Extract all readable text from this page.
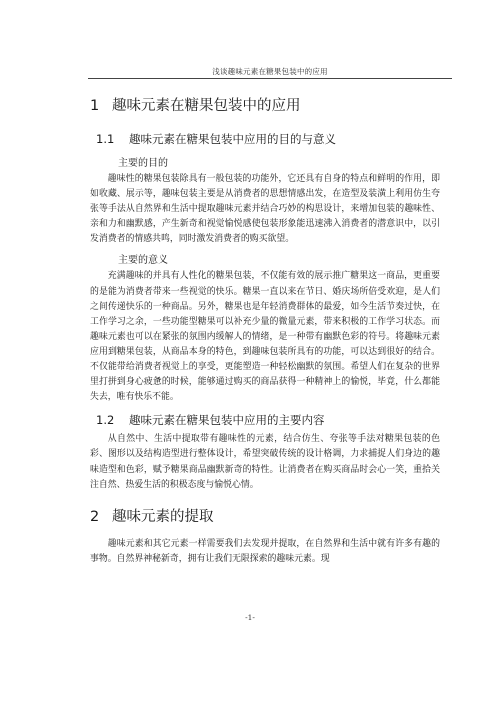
浅谈趣味元素在糖果包装中的应用
1 趣味元素在糖果包装中的应用
1.1 趣味元素在糖果包装中应用的目的与意义
主要的目的

趣味性的糖果包装除具有一般包装的功能外，它还具有自身的特点和鲜明的作用，即如收藏、展示等，趣味包装主要是从消费者的思想情感出发，在造型及装潢上利用仿生夸张等手法从自然界和生活中提取趣味元素并结合巧妙的构思设计，来增加包装的趣味性、亲和力和幽默感，产生新奇和视觉愉悦感使包装形象能迅速沸入消费者的潜意识中，以引发消费者的情感共鸣，同时激发消费者的购买欲望。

主要的意义

充满趣味的并具有人性化的糖果包装，不仅能有效的展示推广糖果这一商品，更重要的是能为消费者带来一些视觉的快乐。糖果一直以来在节日、婚庆场所倍受欢迎，是人们之间传递快乐的一种商品。另外，糖果也是年轻消费群体的最爱，如今生活节奏过快，在工作学习之余，一些功能型糖果可以补充少量的微量元素，带来积极的工作学习状态。而趣味元素也可以在紧张的氛围内缓解人的情绪，是一种带有幽默色彩的符号。将趣味元素应用到糖果包装，从商品本身的特色，到趣味包装所具有的功能，可以达到很好的结合。不仅能带给消费者视觉上的享受，更能塑造一种轻松幽默的氛围。希望人们在复杂的世界里打拼到身心疲惫的时候，能够通过购买的商品获得一种精神上的愉悦，毕竟，什么都能失去，唯有快乐不能。

1.2 趣味元素在糖果包装中应用的主要内容

从自然中、生活中提取带有趣味性的元素，结合仿生、夸张等手法对糖果包装的色彩、图形以及结构造型进行整体设计，希望突破传统的设计格调，力求捕捉人们身边的趣味造型和色彩，赋予糖果商品幽默新奇的特性。让消费者在购买商品时会心一笑，重拾关注自然、热爱生活的积极态度与愉悦心情。

2 趣味元素的提取

趣味元素和其它元素一样需要我们去发现并提取，在自然界和生活中就有许多有趣的事物。自然界神秘新奇，拥有让我们无限探索的趣味元素。现

-1-
